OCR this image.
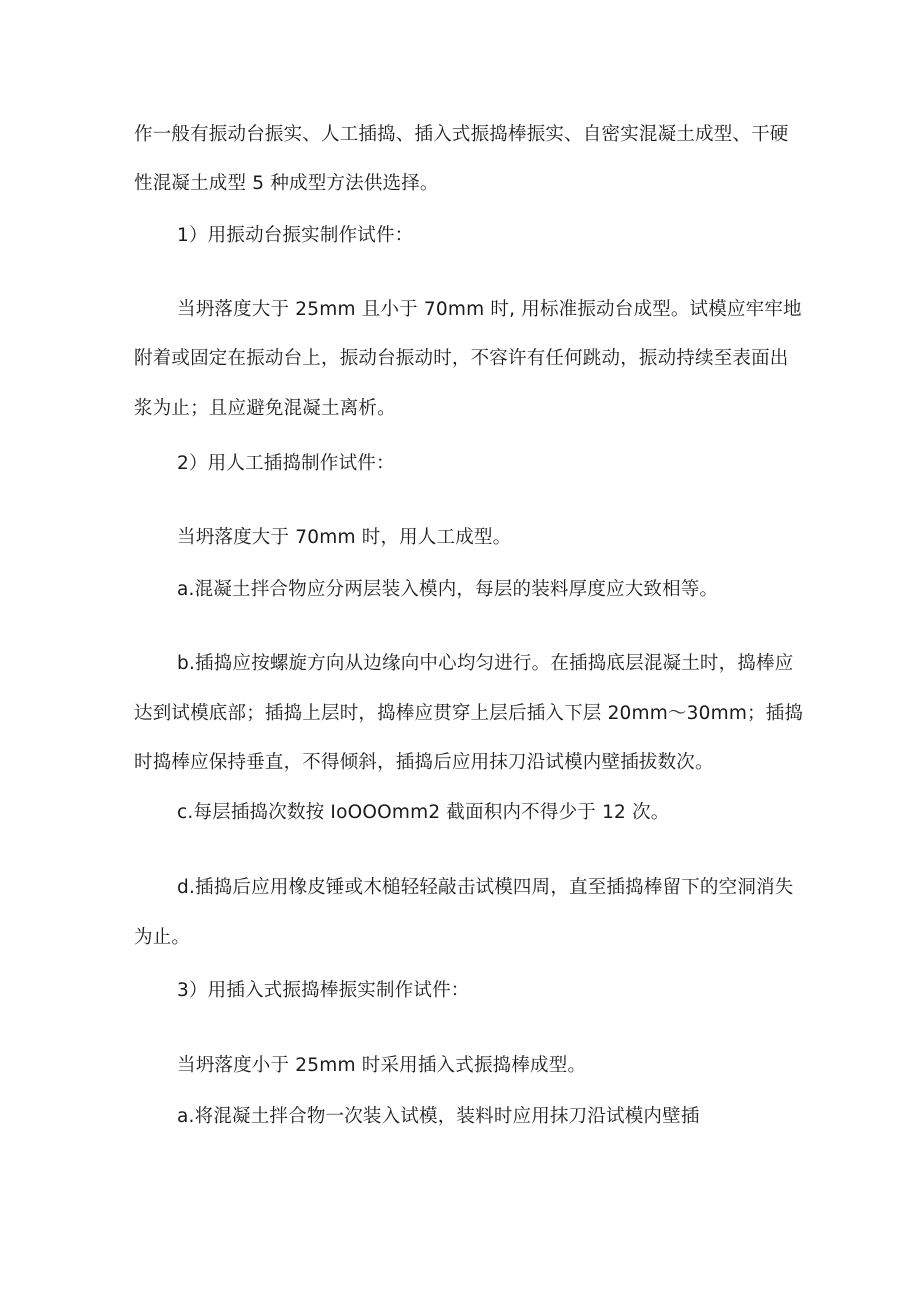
作一般有振动台振实、人工插捣、插入式振捣棒振实、自密实混凝土成型、干硬
性混凝土成型 5 种成型方法供选择。
1）用振动台振实制作试件：
当坍落度大于 25mm 且小于 70mm 时, 用标准振动台成型。试模应牢牢地
附着或固定在振动台上，振动台振动时，不容许有任何跳动，振动持续至表面出
浆为止；且应避免混凝土离析。
2）用人工插捣制作试件：
当坍落度大于 70mm 时，用人工成型。
a.混凝土拌合物应分两层装入模内，每层的装料厚度应大致相等。
b.插捣应按螺旋方向从边缘向中心均匀进行。在插捣底层混凝土时，捣棒应
达到试模底部；插捣上层时，捣棒应贯穿上层后插入下层 20mm～30mm；插捣
时捣棒应保持垂直，不得倾斜，插捣后应用抹刀沿试模内壁插拔数次。
c.每层插捣次数按 IoOOOmm2 截面积内不得少于 12 次。
d.插捣后应用橡皮锤或木槌轻轻敲击试模四周，直至插捣棒留下的空洞消失
为止。
3）用插入式振捣棒振实制作试件：
当坍落度小于 25mm 时采用插入式振捣棒成型。
a.将混凝土拌合物一次装入试模，装料时应用抹刀沿试模内壁插
